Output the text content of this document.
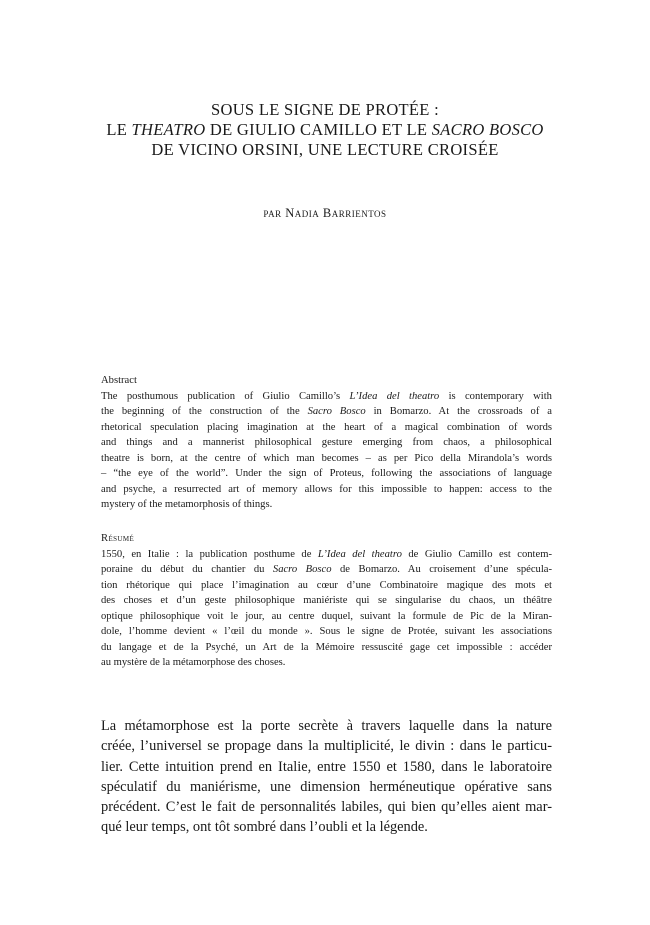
SOUS LE SIGNE DE PROTÉE :
LE THEATRO DE GIULIO CAMILLO ET LE SACRO BOSCO
DE VICINO ORSINI, UNE LECTURE CROISÉE
par Nadia Barrientos
Abstract
The posthumous publication of Giulio Camillo’s L’Idea del theatro is contemporary with
the beginning of the construction of the Sacro Bosco in Bomarzo. At the crossroads of a
rhetorical speculation placing imagination at the heart of a magical combination of words
and things and a mannerist philosophical gesture emerging from chaos, a philosophical
theatre is born, at the centre of which man becomes – as per Pico della Mirandola’s words
– “the eye of the world”. Under the sign of Proteus, following the associations of language
and psyche, a resurrected art of memory allows for this impossible to happen: access to the
mystery of the metamorphosis of things.
Résumé
1550, en Italie : la publication posthume de L’Idea del theatro de Giulio Camillo est contem-
poraine du début du chantier du Sacro Bosco de Bomarzo. Au croisement d’une spécula-
tion rhétorique qui place l’imagination au cœur d’une Combinatoire magique des mots et
des choses et d’un geste philosophique maniériste qui se singularise du chaos, un théâtre
optique philosophique voit le jour, au centre duquel, suivant la formule de Pic de la Miran-
dole, l’homme devient « l’œil du monde ». Sous le signe de Protée, suivant les associations
du langage et de la Psyché, un Art de la Mémoire ressuscité gage cet impossible : accéder
au mystère de la métamorphose des choses.
La métamorphose est la porte secrète à travers laquelle dans la nature
créée, l’universel se propage dans la multiplicité, le divin : dans le particu-
lier. Cette intuition prend en Italie, entre 1550 et 1580, dans le laboratoire
spéculatif du maniérisme, une dimension herméneutique opérative sans
précédent. C’est le fait de personnalités labiles, qui bien qu’elles aient mar-
qué leur temps, ont tôt sombré dans l’oubli et la légende.
